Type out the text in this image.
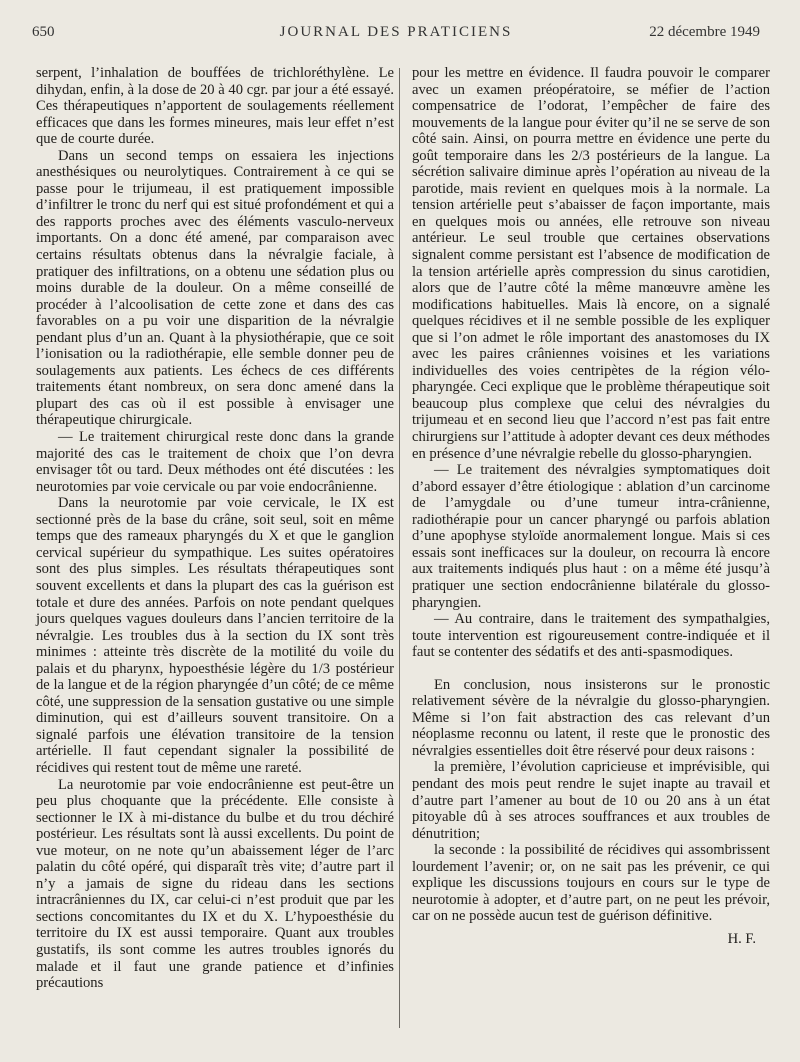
650	JOURNAL DES PRATICIENS	22 décembre 1949

serpent, l’inhalation de bouffées de trichloréthylène. Le dihydan, enfin, à la dose de 20 à 40 cgr. par jour a été essayé. Ces thérapeutiques n’apportent de soulagements réellement efficaces que dans les formes mineures, mais leur effet n’est que de courte durée.

Dans un second temps on essaiera les injections anesthésiques ou neurolytiques. Contrairement à ce qui se passe pour le trijumeau, il est pratiquement impossible d’infiltrer le tronc du nerf qui est situé profondément et qui a des rapports proches avec des éléments vasculo-nerveux importants. On a donc été amené, par comparaison avec certains résultats obtenus dans la névralgie faciale, à pratiquer des infiltrations, on a obtenu une sédation plus ou moins durable de la douleur. On a même conseillé de procéder à l’alcoolisation de cette zone et dans des cas favorables on a pu voir une disparition de la névralgie pendant plus d’un an. Quant à la physiothérapie, que ce soit l’ionisation ou la radiothérapie, elle semble donner peu de soulagements aux patients. Les échecs de ces différents traitements étant nombreux, on sera donc amené dans la plupart des cas où il est possible à envisager une thérapeutique chirurgicale.

— Le traitement chirurgical reste donc dans la grande majorité des cas le traitement de choix que l’on devra envisager tôt ou tard. Deux méthodes ont été discutées : les neurotomies par voie cervicale ou par voie endocrânienne.

Dans la neurotomie par voie cervicale, le IX est sectionné près de la base du crâne, soit seul, soit en même temps que des rameaux pharyngés du X et que le ganglion cervical supérieur du sympathique. Les suites opératoires sont des plus simples. Les résultats thérapeutiques sont souvent excellents et dans la plupart des cas la guérison est totale et dure des années. Parfois on note pendant quelques jours quelques vagues douleurs dans l’ancien territoire de la névralgie. Les troubles dus à la section du IX sont très minimes : atteinte très discrète de la motilité du voile du palais et du pharynx, hypoesthésie légère du 1/3 postérieur de la langue et de la région pharyngée d’un côté; de ce même côté, une suppression de la sensation gustative ou une simple diminution, qui est d’ailleurs souvent transitoire. On a signalé parfois une élévation transitoire de la tension artérielle. Il faut cependant signaler la possibilité de récidives qui restent tout de même une rareté.

La neurotomie par voie endocrânienne est peut-être un peu plus choquante que la précédente. Elle consiste à sectionner le IX à mi-distance du bulbe et du trou déchiré postérieur. Les résultats sont là aussi excellents. Du point de vue moteur, on ne note qu’un abaissement léger de l’arc palatin du côté opéré, qui disparaît très vite; d’autre part il n’y a jamais de signe du rideau dans les sections intracrâniennes du IX, car celui-ci n’est produit que par les sections concomitantes du IX et du X. L’hypoesthésie du territoire du IX est aussi temporaire. Quant aux troubles gustatifs, ils sont comme les autres troubles ignorés du malade et il faut une grande patience et d’infinies précautions

pour les mettre en évidence. Il faudra pouvoir le comparer avec un examen préopératoire, se méfier de l’action compensatrice de l’odorat, l’empêcher de faire des mouvements de la langue pour éviter qu’il ne se serve de son côté sain. Ainsi, on pourra mettre en évidence une perte du goût temporaire dans les 2/3 postérieurs de la langue. La sécrétion salivaire diminue après l’opération au niveau de la parotide, mais revient en quelques mois à la normale. La tension artérielle peut s’abaisser de façon importante, mais en quelques mois ou années, elle retrouve son niveau antérieur. Le seul trouble que certaines observations signalent comme persistant est l’absence de modification de la tension artérielle après compression du sinus carotidien, alors que de l’autre côté la même manœuvre amène les modifications habituelles. Mais là encore, on a signalé quelques récidives et il ne semble possible de les expliquer que si l’on admet le rôle important des anastomoses du IX avec les paires crâniennes voisines et les variations individuelles des voies centripètes de la région vélo-pharyngée. Ceci explique que le problème thérapeutique soit beaucoup plus complexe que celui des névralgies du trijumeau et en second lieu que l’accord n’est pas fait entre chirurgiens sur l’attitude à adopter devant ces deux méthodes en présence d’une névralgie rebelle du glosso-pharyngien.

— Le traitement des névralgies symptomatiques doit d’abord essayer d’être étiologique : ablation d’un carcinome de l’amygdale ou d’une tumeur intra-crânienne, radiothérapie pour un cancer pharyngé ou parfois ablation d’une apophyse styloïde anormalement longue. Mais si ces essais sont inefficaces sur la douleur, on recourra là encore aux traitements indiqués plus haut : on a même été jusqu’à pratiquer une section endocrânienne bilatérale du glosso-pharyngien.

— Au contraire, dans le traitement des sympathalgies, toute intervention est rigoureusement contre-indiquée et il faut se contenter des sédatifs et des anti-spasmodiques.

En conclusion, nous insisterons sur le pronostic relativement sévère de la névralgie du glosso-pharyngien. Même si l’on fait abstraction des cas relevant d’un néoplasme reconnu ou latent, il reste que le pronostic des névralgies essentielles doit être réservé pour deux raisons :

la première, l’évolution capricieuse et imprévisible, qui pendant des mois peut rendre le sujet inapte au travail et d’autre part l’amener au bout de 10 ou 20 ans à un état pitoyable dû à ses atroces souffrances et aux troubles de dénutrition;

la seconde : la possibilité de récidives qui assombrissent lourdement l’avenir; or, on ne sait pas les prévenir, ce qui explique les discussions toujours en cours sur le type de neurotomie à adopter, et d’autre part, on ne peut les prévoir, car on ne possède aucun test de guérison définitive.

H. F.
